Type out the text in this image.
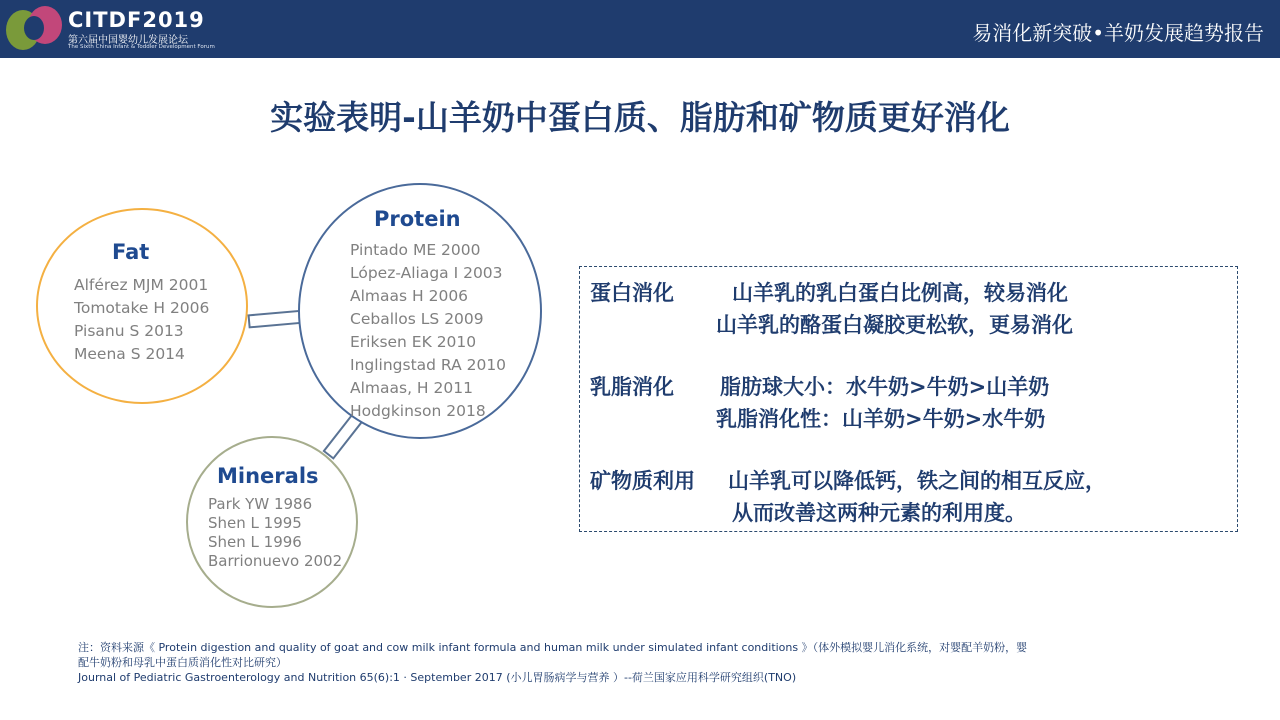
CITDF2019
第六届中国婴幼儿发展论坛
The Sixth China Infant & Toddler Development Forum
易消化新突破•羊奶发展趋势报告
实验表明-山羊奶中蛋白质、脂肪和矿物质更好消化
Fat
Alférez MJM 2001
Tomotake H 2006
Pisanu S 2013
Meena S 2014
Protein
Pintado ME 2000
López-Aliaga I 2003
Almaas H 2006
Ceballos LS 2009
Eriksen EK 2010
Inglingstad RA 2010
Almaas, H 2011
Hodgkinson 2018
Minerals
Park YW 1986
Shen L 1995
Shen L 1996
Barrionuevo 2002
蛋白消化	山羊乳的乳白蛋白比例高，较易消化
山羊乳的酪蛋白凝胶更松软，更易消化
乳脂消化 脂肪球大小：水牛奶>牛奶>山羊奶
乳脂消化性：山羊奶>牛奶>水牛奶
矿物质利用 山羊乳可以降低钙，铁之间的相互反应，
从而改善这两种元素的利用度。
注：资料来源《 Protein digestion and quality of goat and cow milk infant formula and human milk under simulated infant conditions 》（体外模拟婴儿消化系统，对婴配羊奶粉，婴
配牛奶粉和母乳中蛋白质消化性对比研究）
Journal of Pediatric Gastroenterology and Nutrition 65(6):1 · September 2017 (小儿胃肠病学与营养 ）--荷兰国家应用科学研究组织(TNO)
